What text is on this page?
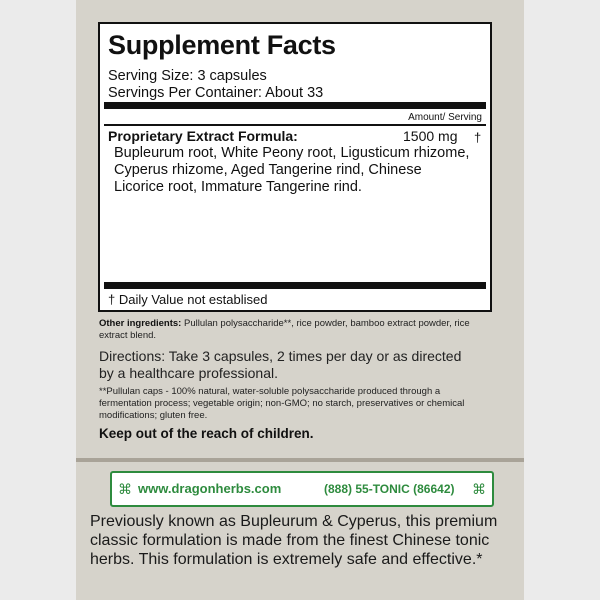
Supplement Facts
Serving Size: 3 capsules
Servings Per Container: About 33
Amount/ Serving
Proprietary Extract Formula:	1500 mg †
Bupleurum root, White Peony root, Ligusticum rhizome, Cyperus rhizome, Aged Tangerine rind, Chinese Licorice root, Immature Tangerine rind.
† Daily Value not establised
Other ingredients: Pullulan polysaccharide**, rice powder, bamboo extract powder, rice extract blend.
Directions: Take 3 capsules, 2 times per day or as directed by a healthcare professional.
**Pullulan caps - 100% natural, water-soluble polysaccharide produced through a fermentation process; vegetable origin; non-GMO; no starch, preservatives or chemical modifications; gluten free.
Keep out of the reach of children.
⌘ www.dragonherbs.com	(888) 55-TONIC (86642) ⌘
Previously known as Bupleurum & Cyperus, this premium classic formulation is made from the finest Chinese tonic herbs. This formulation is extremely safe and effective.*
